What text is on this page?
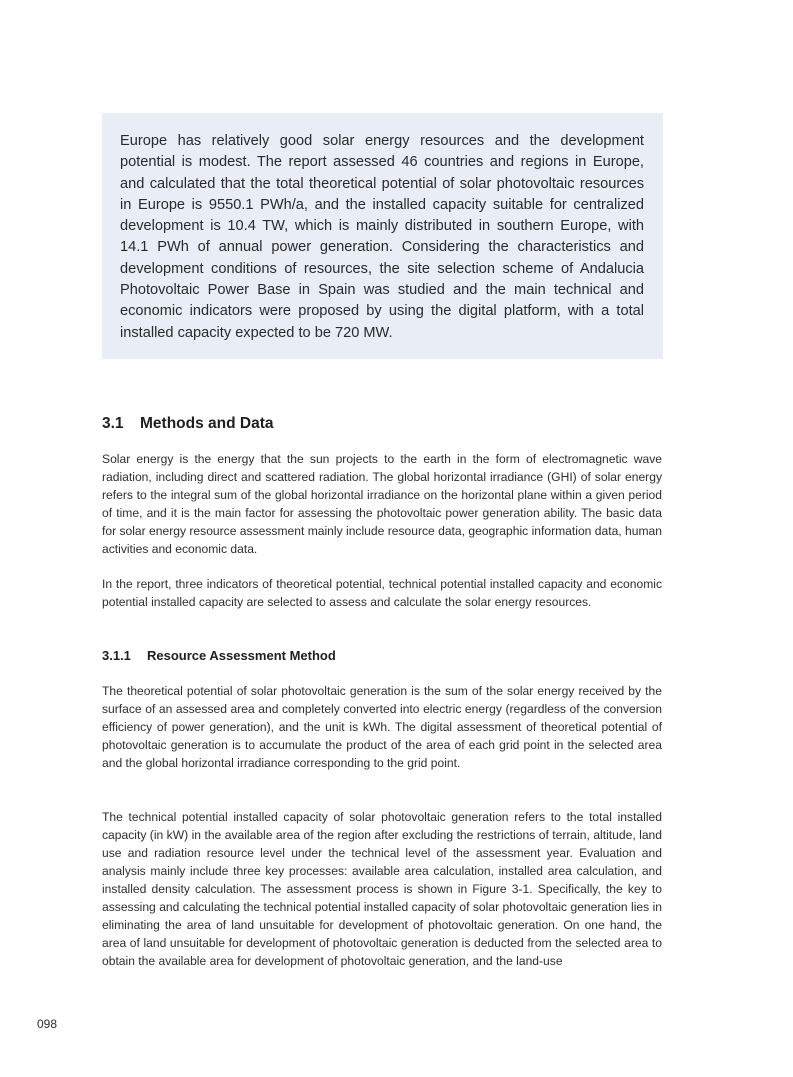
Europe has relatively good solar energy resources and the development potential is modest. The report assessed 46 countries and regions in Europe, and calculated that the total theoretical potential of solar photovoltaic resources in Europe is 9550.1 PWh/a, and the installed capacity suitable for centralized development is 10.4 TW, which is mainly distributed in southern Europe, with 14.1 PWh of annual power generation. Considering the characteristics and development conditions of resources, the site selection scheme of Andalucia Photovoltaic Power Base in Spain was studied and the main technical and economic indicators were proposed by using the digital platform, with a total installed capacity expected to be 720 MW.

3.1 Methods and Data

Solar energy is the energy that the sun projects to the earth in the form of electromagnetic wave radiation, including direct and scattered radiation. The global horizontal irradiance (GHI) of solar energy refers to the integral sum of the global horizontal irradiance on the horizontal plane within a given period of time, and it is the main factor for assessing the photovoltaic power generation ability. The basic data for solar energy resource assessment mainly include resource data, geographic information data, human activities and economic data.

In the report, three indicators of theoretical potential, technical potential installed capacity and economic potential installed capacity are selected to assess and calculate the solar energy resources.

3.1.1 Resource Assessment Method

The theoretical potential of solar photovoltaic generation is the sum of the solar energy received by the surface of an assessed area and completely converted into electric energy (regardless of the conversion efficiency of power generation), and the unit is kWh. The digital assessment of theoretical potential of photovoltaic generation is to accumulate the product of the area of each grid point in the selected area and the global horizontal irradiance corresponding to the grid point.

The technical potential installed capacity of solar photovoltaic generation refers to the total installed capacity (in kW) in the available area of the region after excluding the restrictions of terrain, altitude, land use and radiation resource level under the technical level of the assessment year. Evaluation and analysis mainly include three key processes: available area calculation, installed area calculation, and installed density calculation. The assessment process is shown in Figure 3-1. Specifically, the key to assessing and calculating the technical potential installed capacity of solar photovoltaic generation lies in eliminating the area of land unsuitable for development of photovoltaic generation. On one hand, the area of land unsuitable for development of photovoltaic generation is deducted from the selected area to obtain the available area for development of photovoltaic generation, and the land-use

098
